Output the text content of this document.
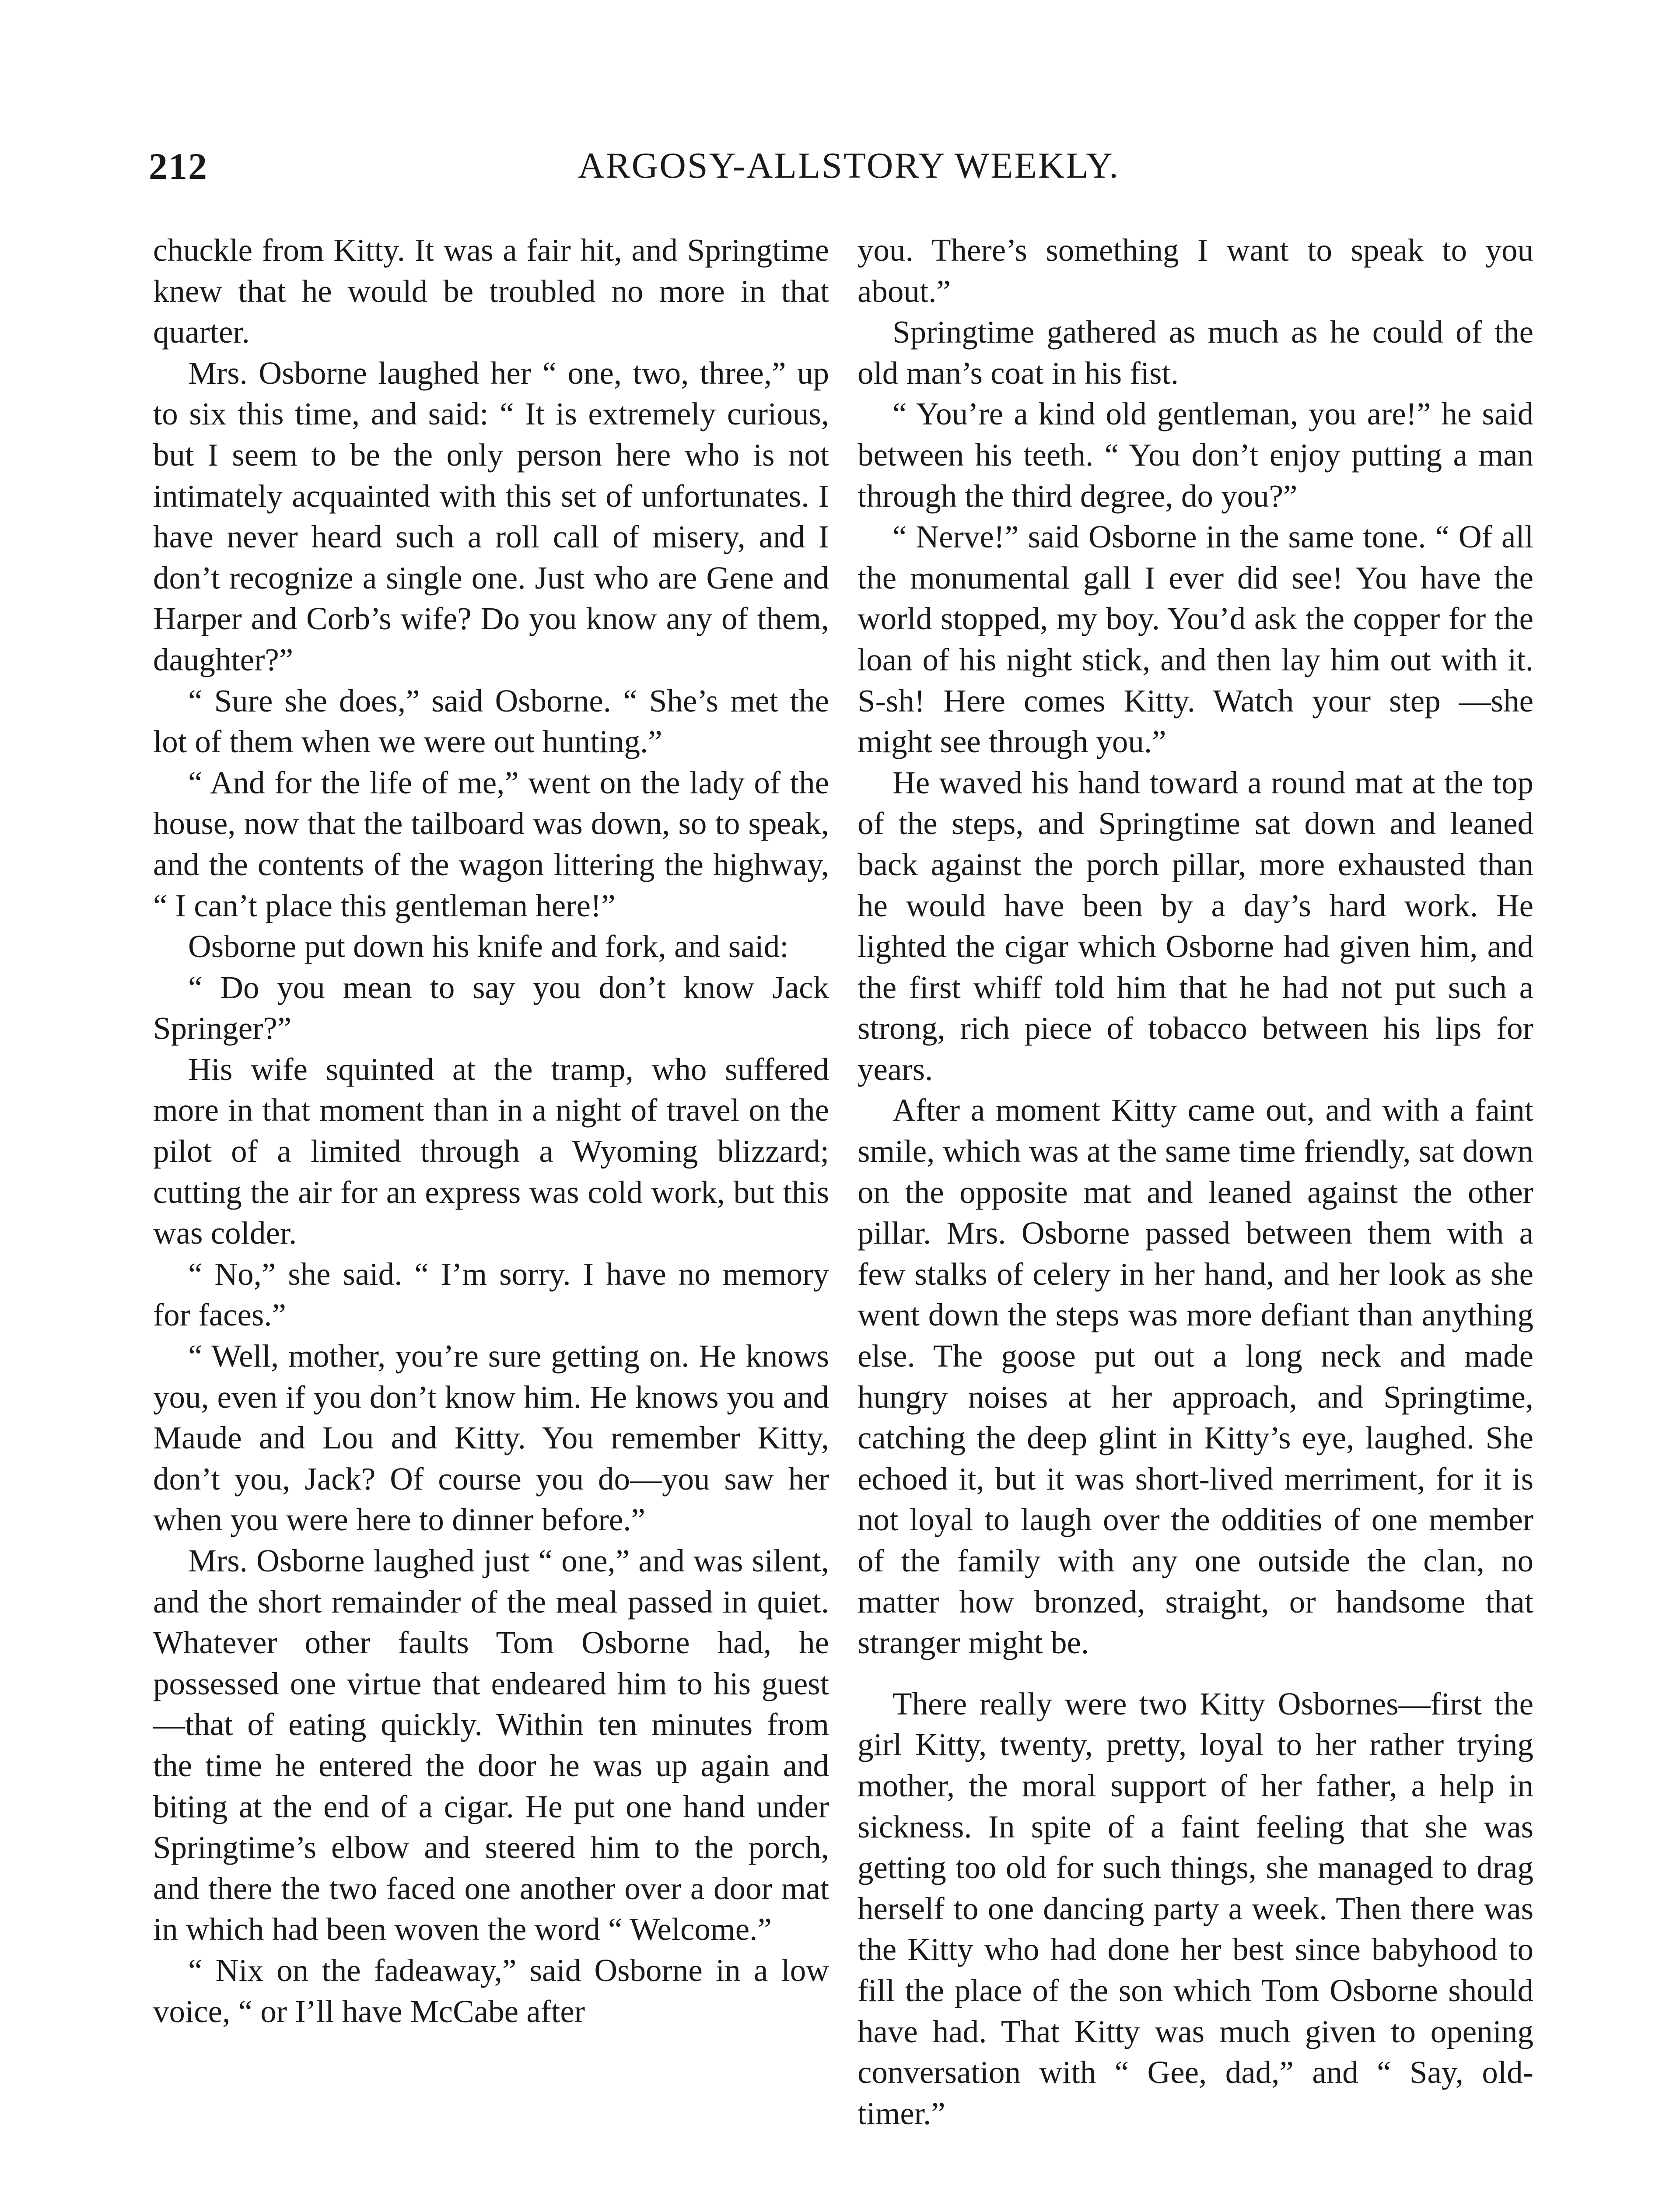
212	ARGOSY-ALLSTORY WEEKLY.

chuckle from Kitty. It was a fair hit, and Springtime knew that he would be troubled no more in that quarter.

Mrs. Osborne laughed her “ one, two, three,” up to six this time, and said: “ It is extremely curious, but I seem to be the only person here who is not intimately acquainted with this set of unfortunates. I have never heard such a roll call of misery, and I don’t recognize a single one. Just who are Gene and Harper and Corb’s wife? Do you know any of them, daughter?”

“ Sure she does,” said Osborne. “ She’s met the lot of them when we were out hunting.”

“ And for the life of me,” went on the lady of the house, now that the tailboard was down, so to speak, and the contents of the wagon littering the highway, “ I can’t place this gentleman here!”

Osborne put down his knife and fork, and said:

“ Do you mean to say you don’t know Jack Springer?”

His wife squinted at the tramp, who suffered more in that moment than in a night of travel on the pilot of a limited through a Wyoming blizzard; cutting the air for an express was cold work, but this was colder.

“ No,” she said. “ I’m sorry. I have no memory for faces.”

“ Well, mother, you’re sure getting on. He knows you, even if you don’t know him. He knows you and Maude and Lou and Kitty. You remember Kitty, don’t you, Jack? Of course you do—you saw her when you were here to dinner before.”

Mrs. Osborne laughed just “ one,” and was silent, and the short remainder of the meal passed in quiet. Whatever other faults Tom Osborne had, he possessed one virtue that endeared him to his guest—that of eating quickly. Within ten minutes from the time he entered the door he was up again and biting at the end of a cigar. He put one hand under Springtime’s elbow and steered him to the porch, and there the two faced one another over a door mat in which had been woven the word “ Welcome.”

“ Nix on the fadeaway,” said Osborne in a low voice, “ or I’ll have McCabe after

you. There’s something I want to speak to you about.”

Springtime gathered as much as he could of the old man’s coat in his fist.

“ You’re a kind old gentleman, you are!” he said between his teeth. “ You don’t enjoy putting a man through the third degree, do you?”

“ Nerve!” said Osborne in the same tone. “ Of all the monumental gall I ever did see! You have the world stopped, my boy. You’d ask the copper for the loan of his night stick, and then lay him out with it. S-sh! Here comes Kitty. Watch your step —she might see through you.”

He waved his hand toward a round mat at the top of the steps, and Springtime sat down and leaned back against the porch pillar, more exhausted than he would have been by a day’s hard work. He lighted the cigar which Osborne had given him, and the first whiff told him that he had not put such a strong, rich piece of tobacco between his lips for years.

After a moment Kitty came out, and with a faint smile, which was at the same time friendly, sat down on the opposite mat and leaned against the other pillar. Mrs. Osborne passed between them with a few stalks of celery in her hand, and her look as she went down the steps was more defiant than anything else. The goose put out a long neck and made hungry noises at her approach, and Springtime, catching the deep glint in Kitty’s eye, laughed. She echoed it, but it was short-lived merriment, for it is not loyal to laugh over the oddities of one member of the family with any one outside the clan, no matter how bronzed, straight, or handsome that stranger might be.

There really were two Kitty Osbornes—first the girl Kitty, twenty, pretty, loyal to her rather trying mother, the moral support of her father, a help in sickness. In spite of a faint feeling that she was getting too old for such things, she managed to drag herself to one dancing party a week. Then there was the Kitty who had done her best since babyhood to fill the place of the son which Tom Osborne should have had. That Kitty was much given to opening conversation with “ Gee, dad,” and “ Say, old-timer.”
